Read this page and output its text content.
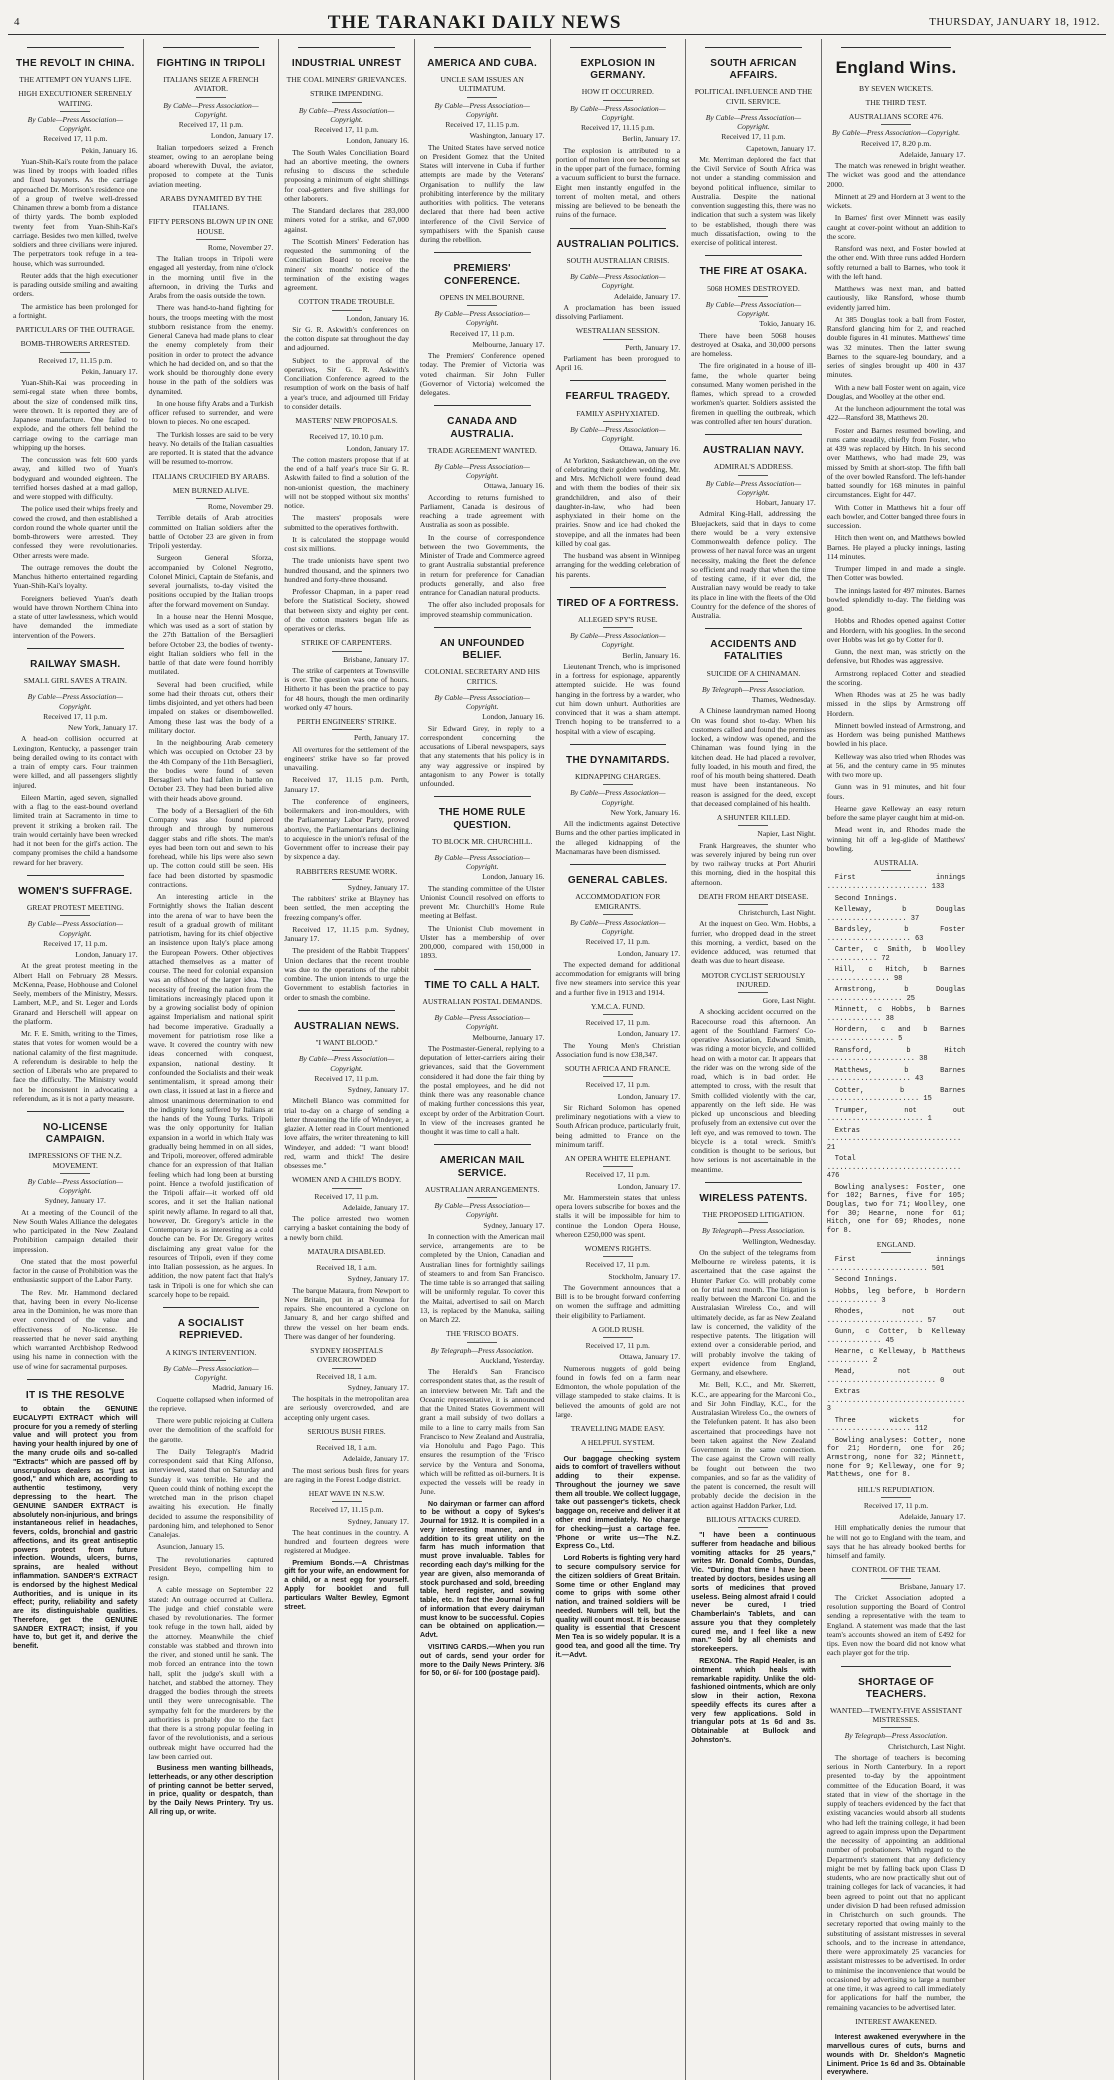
4	THE TARANAKI DAILY NEWS	THURSDAY, JANUARY 18, 1912.
THE REVOLT IN CHINA.
THE ATTEMPT ON YUAN'S LIFE.
HIGH EXECUTIONER SERENELY WAITING.
By Cable—Press Association—Copyright.
Received 17, 11 p.m.
Pekin, January 16.

Yuan-Shih-Kai's route from the palace was lined by troops with loaded rifles and fixed bayonets. As the carriage approached Dr. Morrison's residence one of a group of twelve well-dressed Chinamen threw a bomb from a distance of thirty yards. The bomb exploded twenty feet from Yuan-Shih-Kai's carriage. Besides two men killed, twelve soldiers and three civilians were injured. The perpetrators took refuge in a tea-house, which was surrounded.

Reuter adds that the high executioner is parading outside smiling and awaiting orders.

The armistice has been prolonged for a fortnight.

PARTICULARS OF THE OUTRAGE.
BOMB-THROWERS ARRESTED.
Received 17, 11.15 p.m.
Pekin, January 17.

Yuan-Shih-Kai was proceeding in semi-regal state when three bombs, about the size of condensed milk tins, were thrown. It is reported they are of Japanese manufacture. One failed to explode, and the others fell behind the carriage owing to the carriage man whipping up the horses.

The concussion was felt 600 yards away, and killed two of Yuan's bodyguard and wounded eighteen. The terrified horses dashed at a mad gallop, and were stopped with difficulty.

The police used their whips freely and cowed the crowd, and then established a cordon round the whole quarter until the bomb-throwers were arrested. They confessed they were revolutionaries. Other arrests were made.

The outrage removes the doubt the Manchus hitherto entertained regarding Yuan-Shih-Kai's loyalty.

Foreigners believed Yuan's death would have thrown Northern China into a state of utter lawlessness, which would have demanded the immediate intervention of the Powers.

RAILWAY SMASH.
SMALL GIRL SAVES A TRAIN.
By Cable—Press Association—Copyright.
Received 17, 11 p.m.
New York, January 17.

A head-on collision occurred at Lexington, Kentucky, a passenger train being derailed owing to its contact with a train of empty cars. Four trainmen were killed, and all passengers slightly injured.

Eileen Martin, aged seven, signalled with a flag to the east-bound overland limited train at Sacramento in time to prevent it striking a broken rail. The train would certainly have been wrecked had it not been for the girl's action. The company promises the child a handsome reward for her bravery.

WOMEN'S SUFFRAGE.
GREAT PROTEST MEETING.
By Cable—Press Association—Copyright.
Received 17, 11 p.m.
London, January 17.

At the great protest meeting in the Albert Hall on February 28 Messrs. McKenna, Pease, Hobhouse and Colonel Seely, members of the Ministry, Messrs. Lambert, M.P., and St. Leger and Lords Granard and Herschell will appear on the platform.

Mr. F. E. Smith, writing to the Times, states that votes for women would be a national calamity of the first magnitude. A referendum is desirable to help the section of Liberals who are prepared to face the difficulty. The Ministry would not be inconsistent in advocating a referendum, as it is not a party measure.

NO-LICENSE CAMPAIGN.
IMPRESSIONS OF THE N.Z. MOVEMENT.
By Cable—Press Association—Copyright.
Sydney, January 17.

At a meeting of the Council of the New South Wales Alliance the delegates who participated in the New Zealand Prohibition campaign detailed their impression.

One stated that the most powerful factor in the cause of Prohibition was the enthusiastic support of the Labor Party.

The Rev. Mr. Hammond declared that, having been in every No-license area in the Dominion, he was more than ever convinced of the value and effectiveness of No-license. He reasserted that he never said anything which warranted Archbishop Redwood using his name in connection with the use of wine for sacramental purposes.

IT IS THE RESOLVE

to obtain the GENUINE EUCALYPTI EXTRACT which will procure for you a remedy of sterling value and will protect you from having your health injured by one of the many crude oils and so-called "Extracts" which are passed off by unscrupulous dealers as "just as good," and which are, according to authentic testimony, very depressing to the heart. The GENUINE SANDER EXTRACT is absolutely non-injurious, and brings instantaneous relief in headaches, fevers, colds, bronchial and gastric affections, and its great antiseptic powers protect from future infection. Wounds, ulcers, burns, sprains, are healed without inflammation. SANDER'S EXTRACT is endorsed by the highest Medical Authorities, and is unique in its effect; purity, reliability and safety are its distinguishable qualities. Therefore, get the GENUINE SANDER EXTRACT; insist, if you have to, but get it, and derive the benefit.

FIGHTING IN TRIPOLI
ITALIANS SEIZE A FRENCH AVIATOR.
By Cable—Press Association—Copyright.
Received 17, 11 p.m.
London, January 17.

Italian torpedoers seized a French steamer, owing to an aeroplane being aboard wherewith Duval, the aviator, proposed to compete at the Tunis aviation meeting.

ARABS DYNAMITED BY THE ITALIANS.
FIFTY PERSONS BLOWN UP IN ONE HOUSE.
Rome, November 27.

The Italian troops in Tripoli were engaged all yesterday, from nine o'clock in the morning until five in the afternoon, in driving the Turks and Arabs from the oasis outside the town.

There was hand-to-hand fighting for hours, the troops meeting with the most stubborn resistance from the enemy. General Caneva had made plans to clear the enemy completely from their position in order to protect the advance which he had decided on, and so that the work should be thoroughly done every house in the path of the soldiers was dynamited.

In one house fifty Arabs and a Turkish officer refused to surrender, and were blown to pieces. No one escaped.

The Turkish losses are said to be very heavy. No details of the Italian casualties are reported. It is stated that the advance will be resumed to-morrow.

ITALIANS CRUCIFIED BY ARABS.
MEN BURNED ALIVE.
Rome, November 29.

Terrible details of Arab atrocities committed on Italian soldiers after the battle of October 23 are given in from Tripoli yesterday.

Surgeon General Sforza, accompanied by Colonel Negrotto, Colonel Minici, Captain de Stefanis, and several journalists, to-day visited the positions occupied by the Italian troops after the forward movement on Sunday.

In a house near the Henni Mosque, which was used as a sort of station by the 27th Battalion of the Bersaglieri before October 23, the bodies of twenty-eight Italian soldiers who fell in the battle of that date were found horribly mutilated.

Several had been crucified, while some had their throats cut, others their limbs disjointed, and yet others had been impaled on stakes or disembowelled. Among these last was the body of a military doctor.

In the neighbouring Arab cemetery which was occupied on October 23 by the 4th Company of the 11th Bersaglieri, the bodies were found of seven Bersaglieri who had fallen in battle on October 23. They had been buried alive with their heads above ground.

The body of a Bersaglieri of the 6th Company was also found pierced through and through by numerous dagger stabs and rifle shots. The man's eyes had been torn out and sewn to his forehead, while his lips were also sewn up. The cotton could still be seen. His face had been distorted by spasmodic contractions.

An interesting article in the Fortnightly shows the Italian descent into the arena of war to have been the result of a gradual growth of militant patriotism, having for its chief objective an insistence upon Italy's place among the European Powers. Other objectives attached themselves as a matter of course. The need for colonial expansion was an offshoot of the larger idea. The necessity of freeing the nation from the limitations increasingly placed upon it by a growing socialist body of opinion against Imperialism and national spirit had become imperative. Gradually a movement for patriotism rose like a wave. It covered the country with new ideas concerned with conquest, expansion, national destiny. It confounded the Socialists and their weak sentimentalism, it spread among their own class, it issued at last in a fierce and almost unanimous determination to end the indignity long suffered by Italians at the hands of the Young Turks. Tripoli was the only opportunity for Italian expansion in a world in which Italy was gradually being hemmed in on all sides, and Tripoli, moreover, offered admirable chance for an expression of that Italian feeling which had long been at bursting point. Hence a twofold justification of the Tripoli affair—it worked off old scores, and it set the Italian national spirit newly aflame. In regard to all that, however, Dr. Gregory's article in the Contemporary is as interesting as a cold douche can be. For Dr. Gregory writes disclaiming any great value for the resources of Tripoli, even if they come into Italian possession, as he argues. In addition, the now patent fact that Italy's task in Tripoli is one for which she can scarcely hope to be repaid.

A SOCIALIST REPRIEVED.
A KING'S INTERVENTION.
By Cable—Press Association—Copyright.
Madrid, January 16.

Coquette collapsed when informed of the reprieve.

There were public rejoicing at Cullera over the demolition of the scaffold for the garotte.

The Daily Telegraph's Madrid correspondent said that King Alfonso, interviewed, stated that on Saturday and Sunday it was terrible. He and the Queen could think of nothing except the wretched man in the prison chapel awaiting his execution. He finally decided to assume the responsibility of pardoning him, and telephoned to Senor Canalejas.

Asuncion, January 15.

The revolutionaries captured President Beyo, compelling him to resign.

A cable message on September 22 stated: An outrage occurred at Cullera. The judge and chief constable were chased by revolutionaries. The former took refuge in the town hall, aided by the attorney. Meanwhile the chief constable was stabbed and thrown into the river, and stoned until he sank. The mob forced an entrance into the town hall, split the judge's skull with a hatchet, and stabbed the attorney. They dragged the bodies through the streets until they were unrecognisable. The sympathy felt for the murderers by the authorities is probably due to the fact that there is a strong popular feeling in favor of the revolutionists, and a serious outbreak might have occurred had the law been carried out.

Business men wanting billheads, letterheads, or any other description of printing cannot be better served, in price, quality or despatch, than by the Daily News Printery. Try us. All ring up, or write.

INDUSTRIAL UNREST
THE COAL MINERS' GRIEVANCES.
STRIKE IMPENDING.
By Cable—Press Association—Copyright.
Received 17, 11 p.m.
London, January 16.

The South Wales Conciliation Board had an abortive meeting, the owners refusing to discuss the schedule proposing a minimum of eight shillings for coal-getters and five shillings for other laborers.

The Standard declares that 283,000 miners voted for a strike, and 67,000 against.

The Scottish Miners' Federation has requested the summoning of the Conciliation Board to receive the miners' six months' notice of the termination of the existing wages agreement.

COTTON TRADE TROUBLE.
London, January 16.

Sir G. R. Askwith's conferences on the cotton dispute sat throughout the day and adjourned.

Subject to the approval of the operatives, Sir G. R. Askwith's Conciliation Conference agreed to the resumption of work on the basis of half a year's truce, and adjourned till Friday to consider details.

MASTERS' NEW PROPOSALS.
Received 17, 10.10 p.m.
London, January 17.

The cotton masters propose that if at the end of a half year's truce Sir G. R. Askwith failed to find a solution of the non-unionist question, the machinery will not be stopped without six months' notice.

The masters' proposals were submitted to the operatives forthwith.

It is calculated the stoppage would cost six millions.

The trade unionists have spent two hundred thousand, and the spinners two hundred and forty-three thousand.

Professor Chapman, in a paper read before the Statistical Society, showed that between sixty and eighty per cent. of the cotton masters began life as operatives or clerks.

STRIKE OF CARPENTERS.
Brisbane, January 17.

The strike of carpenters at Townsville is over. The question was one of hours. Hitherto it has been the practice to pay for 48 hours, though the men ordinarily worked only 47 hours.

PERTH ENGINEERS' STRIKE.
Perth, January 17.

All overtures for the settlement of the engineers' strike have so far proved unavailing.

Received 17, 11.15 p.m. Perth, January 17.

The conference of engineers, boilermakers and iron-moulders, with the Parliamentary Labor Party, proved abortive, the Parliamentarians declining to acquiesce in the union's refusal of the Government offer to increase their pay by sixpence a day.

RABBITERS RESUME WORK.
Sydney, January 17.

The rabbiters' strike at Blayney has been settled, the men accepting the freezing company's offer.

Received 17, 11.15 p.m. Sydney, January 17.

The president of the Rabbit Trappers' Union declares that the recent trouble was due to the operations of the rabbit combine. The union intends to urge the Government to establish factories in order to smash the combine.

AUSTRALIAN NEWS.
"I WANT BLOOD."
By Cable—Press Association—Copyright.
Received 17, 11 p.m.
Sydney, January 17.

Mitchell Blanco was committed for trial to-day on a charge of sending a letter threatening the life of Windeyer, a glazier. A letter read in Court mentioned love affairs, the writer threatening to kill Windeyer, and added: "I want blood! red, warm and thick! The desire obsesses me."

WOMEN AND A CHILD'S BODY.
Received 17, 11 p.m.
Adelaide, January 17.

The police arrested two women carrying a basket containing the body of a newly born child.

MATAURA DISABLED.
Received 18, 1 a.m.
Sydney, January 17.

The barque Mataura, from Newport to New Britain, put in at Noumea for repairs. She encountered a cyclone on January 8, and her cargo shifted and threw the vessel on her beam ends. There was danger of her foundering.

SYDNEY HOSPITALS OVERCROWDED
Received 18, 1 a.m.
Sydney, January 17.

The hospitals in the metropolitan area are seriously overcrowded, and are accepting only urgent cases.

SERIOUS BUSH FIRES.
Received 18, 1 a.m.
Adelaide, January 17.

The most serious bush fires for years are raging in the Forest Lodge district.

HEAT WAVE IN N.S.W.
Received 17, 11.15 p.m.
Sydney, January 17.

The heat continues in the country. A hundred and fourteen degrees were registered at Mudgee.

Premium Bonds.—A Christmas gift for your wife, an endowment for a child, or a nest egg for yourself. Apply for booklet and full particulars Walter Bewley, Egmont street.

AMERICA AND CUBA.
UNCLE SAM ISSUES AN ULTIMATUM.
By Cable—Press Association—Copyright.
Received 17, 11.15 p.m.
Washington, January 17.

The United States have served notice on President Gomez that the United States will intervene in Cuba if further attempts are made by the Veterans' Organisation to nullify the law prohibiting interference by the military authorities with politics. The veterans declared that there had been active interference of the Civil Service of sympathisers with the Spanish cause during the rebellion.

PREMIERS' CONFERENCE.
OPENS IN MELBOURNE.
By Cable—Press Association—Copyright.
Received 17, 11 p.m.
Melbourne, January 17.

The Premiers' Conference opened today. The Premier of Victoria was voted chairman. Sir John Fuller (Governor of Victoria) welcomed the delegates.

CANADA AND AUSTRALIA.
TRADE AGREEMENT WANTED.
By Cable—Press Association—Copyright.
Ottawa, January 16.

According to returns furnished to Parliament, Canada is desirous of reaching a trade agreement with Australia as soon as possible.

In the course of correspondence between the two Governments, the Minister of Trade and Commerce agreed to grant Australia substantial preference in return for preference for Canadian products generally, and also free entrance for Canadian natural products.

The offer also included proposals for improved steamship communication.

AN UNFOUNDED BELIEF.
COLONIAL SECRETARY AND HIS CRITICS.
By Cable—Press Association—Copyright.
London, January 16.

Sir Edward Grey, in reply to a correspondent concerning the accusations of Liberal newspapers, says that any statements that his policy is in any way aggressive or inspired by antagonism to any Power is totally unfounded.

THE HOME RULE QUESTION.
TO BLOCK MR. CHURCHILL.
By Cable—Press Association—Copyright.
London, January 16.

The standing committee of the Ulster Unionist Council resolved on efforts to prevent Mr. Churchill's Home Rule meeting at Belfast.

The Unionist Club movement in Ulster has a membership of over 200,000, compared with 150,000 in 1893.

TIME TO CALL A HALT.
AUSTRALIAN POSTAL DEMANDS.
By Cable—Press Association—Copyright.
Melbourne, January 17.

The Postmaster-General, replying to a deputation of letter-carriers airing their grievances, said that the Government considered it had done the fair thing by the postal employees, and he did not think there was any reasonable chance of making further concessions this year, except by order of the Arbitration Court. In view of the increases granted he thought it was time to call a halt.

AMERICAN MAIL SERVICE.
AUSTRALIAN ARRANGEMENTS.
By Cable—Press Association—Copyright.
Sydney, January 17.

In connection with the American mail service, arrangements are to be completed by the Union, Canadian and Australian lines for fortnightly sailings of steamers to and from San Francisco. The time table is so arranged that sailing will be uniformly regular. To cover this the Maitai, advertised to sail on March 13, is replaced by the Manuka, sailing on March 22.

THE 'FRISCO BOATS.
By Telegraph—Press Association.
Auckland, Yesterday.

The Herald's San Francisco correspondent states that, as the result of an interview between Mr. Taft and the Oceanic representative, it is announced that the United States Government will grant a mail subsidy of two dollars a mile to a line to carry mails from San Francisco to New Zealand and Australia, via Honolulu and Pago Pago. This ensures the resumption of the 'Frisco service by the Ventura and Sonoma, which will be refitted as oil-burners. It is expected the vessels will be ready in June.

No dairyman or farmer can afford to be without a copy of Sykes's Journal for 1912. It is compiled in a very interesting manner, and in addition to its great utility on the farm has much information that must prove invaluable. Tables for recording each day's milking for the year are given, also memoranda of stock purchased and sold, breeding table, herd register, and sowing table, etc. In fact the Journal is full of information that every dairyman must know to be successful. Copies can be obtained on application.—Advt.

VISITING CARDS.—When you run out of cards, send your order for more to the Daily News Printery. 3/6 for 50, or 6/- for 100 (postage paid).

EXPLOSION IN GERMANY.
HOW IT OCCURRED.
By Cable—Press Association—Copyright.
Received 17, 11.15 p.m.
Berlin, January 17.

The explosion is attributed to a portion of molten iron ore becoming set in the upper part of the furnace, forming a vacuum sufficient to burst the furnace. Eight men instantly engulfed in the torrent of molten metal, and others missing are believed to be beneath the ruins of the furnace.

AUSTRALIAN POLITICS.
SOUTH AUSTRALIAN CRISIS.
By Cable—Press Association—Copyright.
Adelaide, January 17.

A proclamation has been issued dissolving Parliament.

WESTRALIAN SESSION.
Perth, January 17.

Parliament has been prorogued to April 16.

FEARFUL TRAGEDY.
FAMILY ASPHYXIATED.
By Cable—Press Association—Copyright.
Ottawa, January 16.

At Yorkton, Saskatchewan, on the eve of celebrating their golden wedding, Mr. and Mrs. McNicholl were found dead and with them the bodies of their six grandchildren, and also of their daughter-in-law, who had been asphyxiated in their home on the prairies. Snow and ice had choked the stovepipe, and all the inmates had been killed by coal gas.

The husband was absent in Winnipeg arranging for the wedding celebration of his parents.

TIRED OF A FORTRESS.
ALLEGED SPY'S RUSE.
By Cable—Press Association—Copyright.
Berlin, January 16.

Lieutenant Trench, who is imprisoned in a fortress for espionage, apparently attempted suicide. He was found hanging in the fortress by a warder, who cut him down unhurt. Authorities are convinced that it was a sham attempt. Trench hoping to be transferred to a hospital with a view of escaping.

THE DYNAMITARDS.
KIDNAPPING CHARGES.
By Cable—Press Association—Copyright.
New York, January 16.

All the indictments against Detective Burns and the other parties implicated in the alleged kidnapping of the Macnamaras have been dismissed.

GENERAL CABLES.
ACCOMMODATION FOR EMIGRANTS.
By Cable—Press Association—Copyright.
Received 17, 11 p.m.
London, January 17.

The expected demand for additional accommodation for emigrants will bring five new steamers into service this year and a further five in 1913 and 1914.

Y.M.C.A. FUND.
Received 17, 11 p.m.
London, January 17.

The Young Men's Christian Association fund is now £38,347.

SOUTH AFRICA AND FRANCE.
Received 17, 11 p.m.
London, January 17.

Sir Richard Solomon has opened preliminary negotiations with a view to South African produce, particularly fruit, being admitted to France on the minimum tariff.

AN OPERA WHITE ELEPHANT.
Received 17, 11 p.m.
London, January 17.

Mr. Hammerstein states that unless opera lovers subscribe for boxes and the stalls it will be impossible for him to continue the London Opera House, whereon £250,000 was spent.

WOMEN'S RIGHTS.
Received 17, 11 p.m.
Stockholm, January 17.

The Government announces that a Bill is to be brought forward conferring on women the suffrage and admitting their eligibility to Parliament.

A GOLD RUSH.
Received 17, 11 p.m.
Ottawa, January 17.

Numerous nuggets of gold being found in fowls fed on a farm near Edmonton, the whole population of the village stampeded to stake claims. It is believed the amounts of gold are not large.

TRAVELLING MADE EASY.
A HELPFUL SYSTEM.

Our baggage checking system aids to comfort of travellers without adding to their expense. Throughout the journey we save them all trouble. We collect luggage, take out passenger's tickets, check baggage on, receive and deliver it at other end immediately. No charge for checking—just a cartage fee. 'Phone or write us—The N.Z. Express Co., Ltd.

Lord Roberts is fighting very hard to secure compulsory service for the citizen soldiers of Great Britain. Some time or other England may come to grips with some other nation, and trained soldiers will be needed. Numbers will tell, but the quality will count most. It is because quality is essential that Crescent Men Tea is so widely popular. It is a good tea, and good all the time. Try it.—Advt.

SOUTH AFRICAN AFFAIRS.
POLITICAL INFLUENCE AND THE CIVIL SERVICE.
By Cable—Press Association—Copyright.
Received 17, 11 p.m.
Capetown, January 17.

Mr. Merriman deplored the fact that the Civil Service of South Africa was not under a standing commission and beyond political influence, similar to Australia. Despite the national convention suggesting this, there was no indication that such a system was likely to be established, though there was much dissatisfaction, owing to the exercise of political interest.

THE FIRE AT OSAKA.
5068 HOMES DESTROYED.
By Cable—Press Association—Copyright.
Tokio, January 16.

There have been 5068 houses destroyed at Osaka, and 30,000 persons are homeless.

The fire originated in a house of ill-fame, the whole quarter being consumed. Many women perished in the flames, which spread to a crowded workmen's quarter. Soldiers assisted the firemen in quelling the outbreak, which was controlled after ten hours' duration.

AUSTRALIAN NAVY.
ADMIRAL'S ADDRESS.
By Cable—Press Association—Copyright.
Hobart, January 17.

Admiral King-Hall, addressing the Bluejackets, said that in days to come there would be a very extensive Commonwealth defence policy. The prowess of her naval force was an urgent necessity, making the fleet the defence so efficient and ready that when the time of testing came, if it ever did, the Australian navy would be ready to take its place in line with the fleets of the Old Country for the defence of the shores of Australia.

ACCIDENTS AND FATALITIES
SUICIDE OF A CHINAMAN.
By Telegraph—Press Association.
Thames, Wednesday.

A Chinese laundryman named Hoong On was found shot to-day. When his customers called and found the premises locked, a window was opened, and the Chinaman was found lying in the kitchen dead. He had placed a revolver, fully loaded, in his mouth and fired, the roof of his mouth being shattered. Death must have been instantaneous. No reason is assigned for the deed, except that deceased complained of his health.

A SHUNTER KILLED.
Napier, Last Night.

Frank Hargreaves, the shunter who was severely injured by being run over by two railway trucks at Port Ahuriri this morning, died in the hospital this afternoon.

DEATH FROM HEART DISEASE.
Christchurch, Last Night.

At the inquest on Geo. Wm. Hobbs, a furrier, who dropped dead in the street this morning, a verdict, based on the evidence adduced, was returned that death was due to heart disease.

MOTOR CYCLIST SERIOUSLY INJURED.
Gore, Last Night.

A shocking accident occurred on the Racecourse road this afternoon. An agent of the Southland Farmers' Co-operative Association, Edward Smith, was riding a motor bicycle, and collided head on with a motor car. It appears that the rider was on the wrong side of the road, which is in bad order. He attempted to cross, with the result that Smith collided violently with the car, apparently on the left side. He was picked up unconscious and bleeding profusely from an extensive cut over the left eye, and was removed to town. The bicycle is a total wreck. Smith's condition is thought to be serious, but how serious is not ascertainable in the meantime.

WIRELESS PATENTS.
THE PROPOSED LITIGATION.
By Telegraph—Press Association.
Wellington, Wednesday.

On the subject of the telegrams from Melbourne re wireless patents, it is ascertained that the case against the Hunter Parker Co. will probably come on for trial next month. The litigation is really between the Marconi Co. and the Australasian Wireless Co., and will ultimately decide, as far as New Zealand law is concerned, the validity of the respective patents. The litigation will extend over a considerable period, and will probably involve the taking of expert evidence from England, Germany, and elsewhere.

Mr. Bell, K.C., and Mr. Skerrett, K.C., are appearing for the Marconi Co., and Sir John Findlay, K.C., for the Australasian Wireless Co., the owners of the Telefunken patent. It has also been ascertained that proceedings have not been taken against the New Zealand Government in the same connection. The case against the Crown will really be fought out between the two companies, and so far as the validity of the patent is concerned, the result will probably decide the decision in the action against Haddon Parker, Ltd.

BILIOUS ATTACKS CURED.

"I have been a continuous sufferer from headache and bilious vomiting attacks for 25 years," writes Mr. Donald Combs, Dundas, Vic. "During that time I have been treated by doctors, besides using all sorts of medicines that proved useless. Being almost afraid I could never be cured, I tried Chamberlain's Tablets, and can assure you that they completely cured me, and I feel like a new man." Sold by all chemists and storekeepers.

REXONA. The Rapid Healer, is an ointment which heals with remarkable rapidity. Unlike the old-fashioned ointments, which are only slow in their action, Rexona speedily effects its cures after a very few applications. Sold in triangular pots at 1s 6d and 3s. Obtainable at Bullock and Johnston's.

England Wins.
BY SEVEN WICKETS.
THE THIRD TEST.
AUSTRALIANS SCORE 476.
By Cable—Press Association—Copyright.
Received 17, 8.20 p.m.
Adelaide, January 17.

The match was renewed in bright weather. The wicket was good and the attendance 2000.

Minnett at 29 and Hordern at 3 went to the wickets.

In Barnes' first over Minnett was easily caught at cover-point without an addition to the score.

Ransford was next, and Foster bowled at the other end. With three runs added Hordern softly returned a ball to Barnes, who took it with the left hand.

Matthews was next man, and batted cautiously, like Ransford, whose thumb evidently jarred him.

At 385 Douglas took a ball from Foster, Ransford glancing him for 2, and reached double figures in 41 minutes. Matthews' time was 32 minutes. Then the latter swung Barnes to the square-leg boundary, and a series of singles brought up 400 in 437 minutes.

With a new ball Foster went on again, vice Douglas, and Woolley at the other end.

At the luncheon adjournment the total was 422—Ransford 38, Matthews 20.

Foster and Barnes resumed bowling, and runs came steadily, chiefly from Foster, who at 439 was replaced by Hitch. In his second over Matthews, who had made 29, was missed by Smith at short-stop. The fifth ball of the over bowled Ransford. The left-hander batted soundly for 168 minutes in painful circumstances. Eight for 447.

With Cotter in Matthews hit a four off each bowler, and Cotter banged three fours in succession.

Hitch then went on, and Matthews bowled Barnes. He played a plucky innings, lasting 114 minutes.

Trumper limped in and made a single. Then Cotter was bowled.

The innings lasted for 497 minutes. Barnes bowled splendidly to-day. The fielding was good.

Hobbs and Rhodes opened against Cotter and Hordern, with his googlies. In the second over Hobbs was let go by Cotter for 0.

Gunn, the next man, was strictly on the defensive, but Rhodes was aggressive.

Armstrong replaced Cotter and steadied the scoring.

When Rhodes was at 25 he was badly missed in the slips by Armstrong off Hordern.

Minnett bowled instead of Armstrong, and as Hordern was being punished Matthews bowled in his place.

Kelleway was also tried when Rhodes was at 56, and the century came in 95 minutes with two more up.

Gunn was in 91 minutes, and hit four fours.

Hearne gave Kelleway an easy return before the same player caught him at mid-on.

Mead went in, and Rhodes made the winning hit off a leg-glide of Matthews' bowling.

AUSTRALIA.

First innings ........................ 133

Second Innings.

Kelleway, b Douglas ................... 37

Bardsley, b Foster .................... 63

Carter, c Smith, b Woolley ............ 72

Hill, c Hitch, b Barnes ............... 98

Armstrong, b Douglas .................. 25

Minnett, c Hobbs, b Barnes ............. 38

Hordern, c and b Barnes ................ 5

Ransford, b Hitch ..................... 38

Matthews, b Barnes .................... 43

Cotter, b Barnes ...................... 15

Trumper, not out ....................... 1

Extras ................................ 21

Total ................................ 476

Bowling analyses: Foster, one for 102; Barnes, five for 105; Douglas, two for 71; Woolley, one for 30; Hearne, none for 61; Hitch, one for 69; Rhodes, none for 8.

ENGLAND.

First innings ........................ 501

Second Innings.

Hobbs, leg before, b Hordern ............ 3

Rhodes, not out ....................... 57

Gunn, c Cotter, b Kelleway ............. 45

Hearne, c Kelleway, b Matthews .......... 2

Mead, not out .......................... 0

Extras ................................. 3

Three wickets for .................... 112

Bowling analyses: Cotter, none for 21; Hordern, one for 26; Armstrong, none for 32; Minnett, none for 9; Kelleway, one for 9; Matthews, one for 8.

HILL'S REPUDIATION.
Received 17, 11 p.m.
Adelaide, January 17.

Hill emphatically denies the rumour that he will not go to England with the team, and says that he has already booked berths for himself and family.

CONTROL OF THE TEAM.
Brisbane, January 17.

The Cricket Association adopted a resolution supporting the Board of Control sending a representative with the team to England. A statement was made that the last team's accounts showed an item of £492 for tips. Even now the board did not know what each player got for the trip.

SHORTAGE OF TEACHERS.
WANTED—TWENTY-FIVE ASSISTANT MISTRESSES.
By Telegraph—Press Association.
Christchurch, Last Night.

The shortage of teachers is becoming serious in North Canterbury. In a report presented to-day by the appointment committee of the Education Board, it was stated that in view of the shortage in the supply of teachers evidenced by the fact that existing vacancies would absorb all students who had left the training college, it had been agreed to again impress upon the Department the necessity of appointing an additional number of probationers. With regard to the Department's statement that any deficiency might be met by falling back upon Class D students, who are now practically shut out of training colleges for lack of vacancies, it had been agreed to point out that no applicant under division D had been refused admission in Christchurch on such grounds. The secretary reported that owing mainly to the substituting of assistant mistresses in several schools, and to the increase in attendance, there were approximately 25 vacancies for assistant mistresses to be advertised. In order to minimise the inconvenience that would be occasioned by advertising so large a number at one time, it was agreed to call immediately for applications for half the number, the remaining vacancies to be advertised later.

INTEREST AWAKENED.

Interest awakened everywhere in the marvellous cures of cuts, burns and wounds with Dr. Sheldon's Magnetic Liniment. Price 1s 6d and 3s. Obtainable everywhere.
